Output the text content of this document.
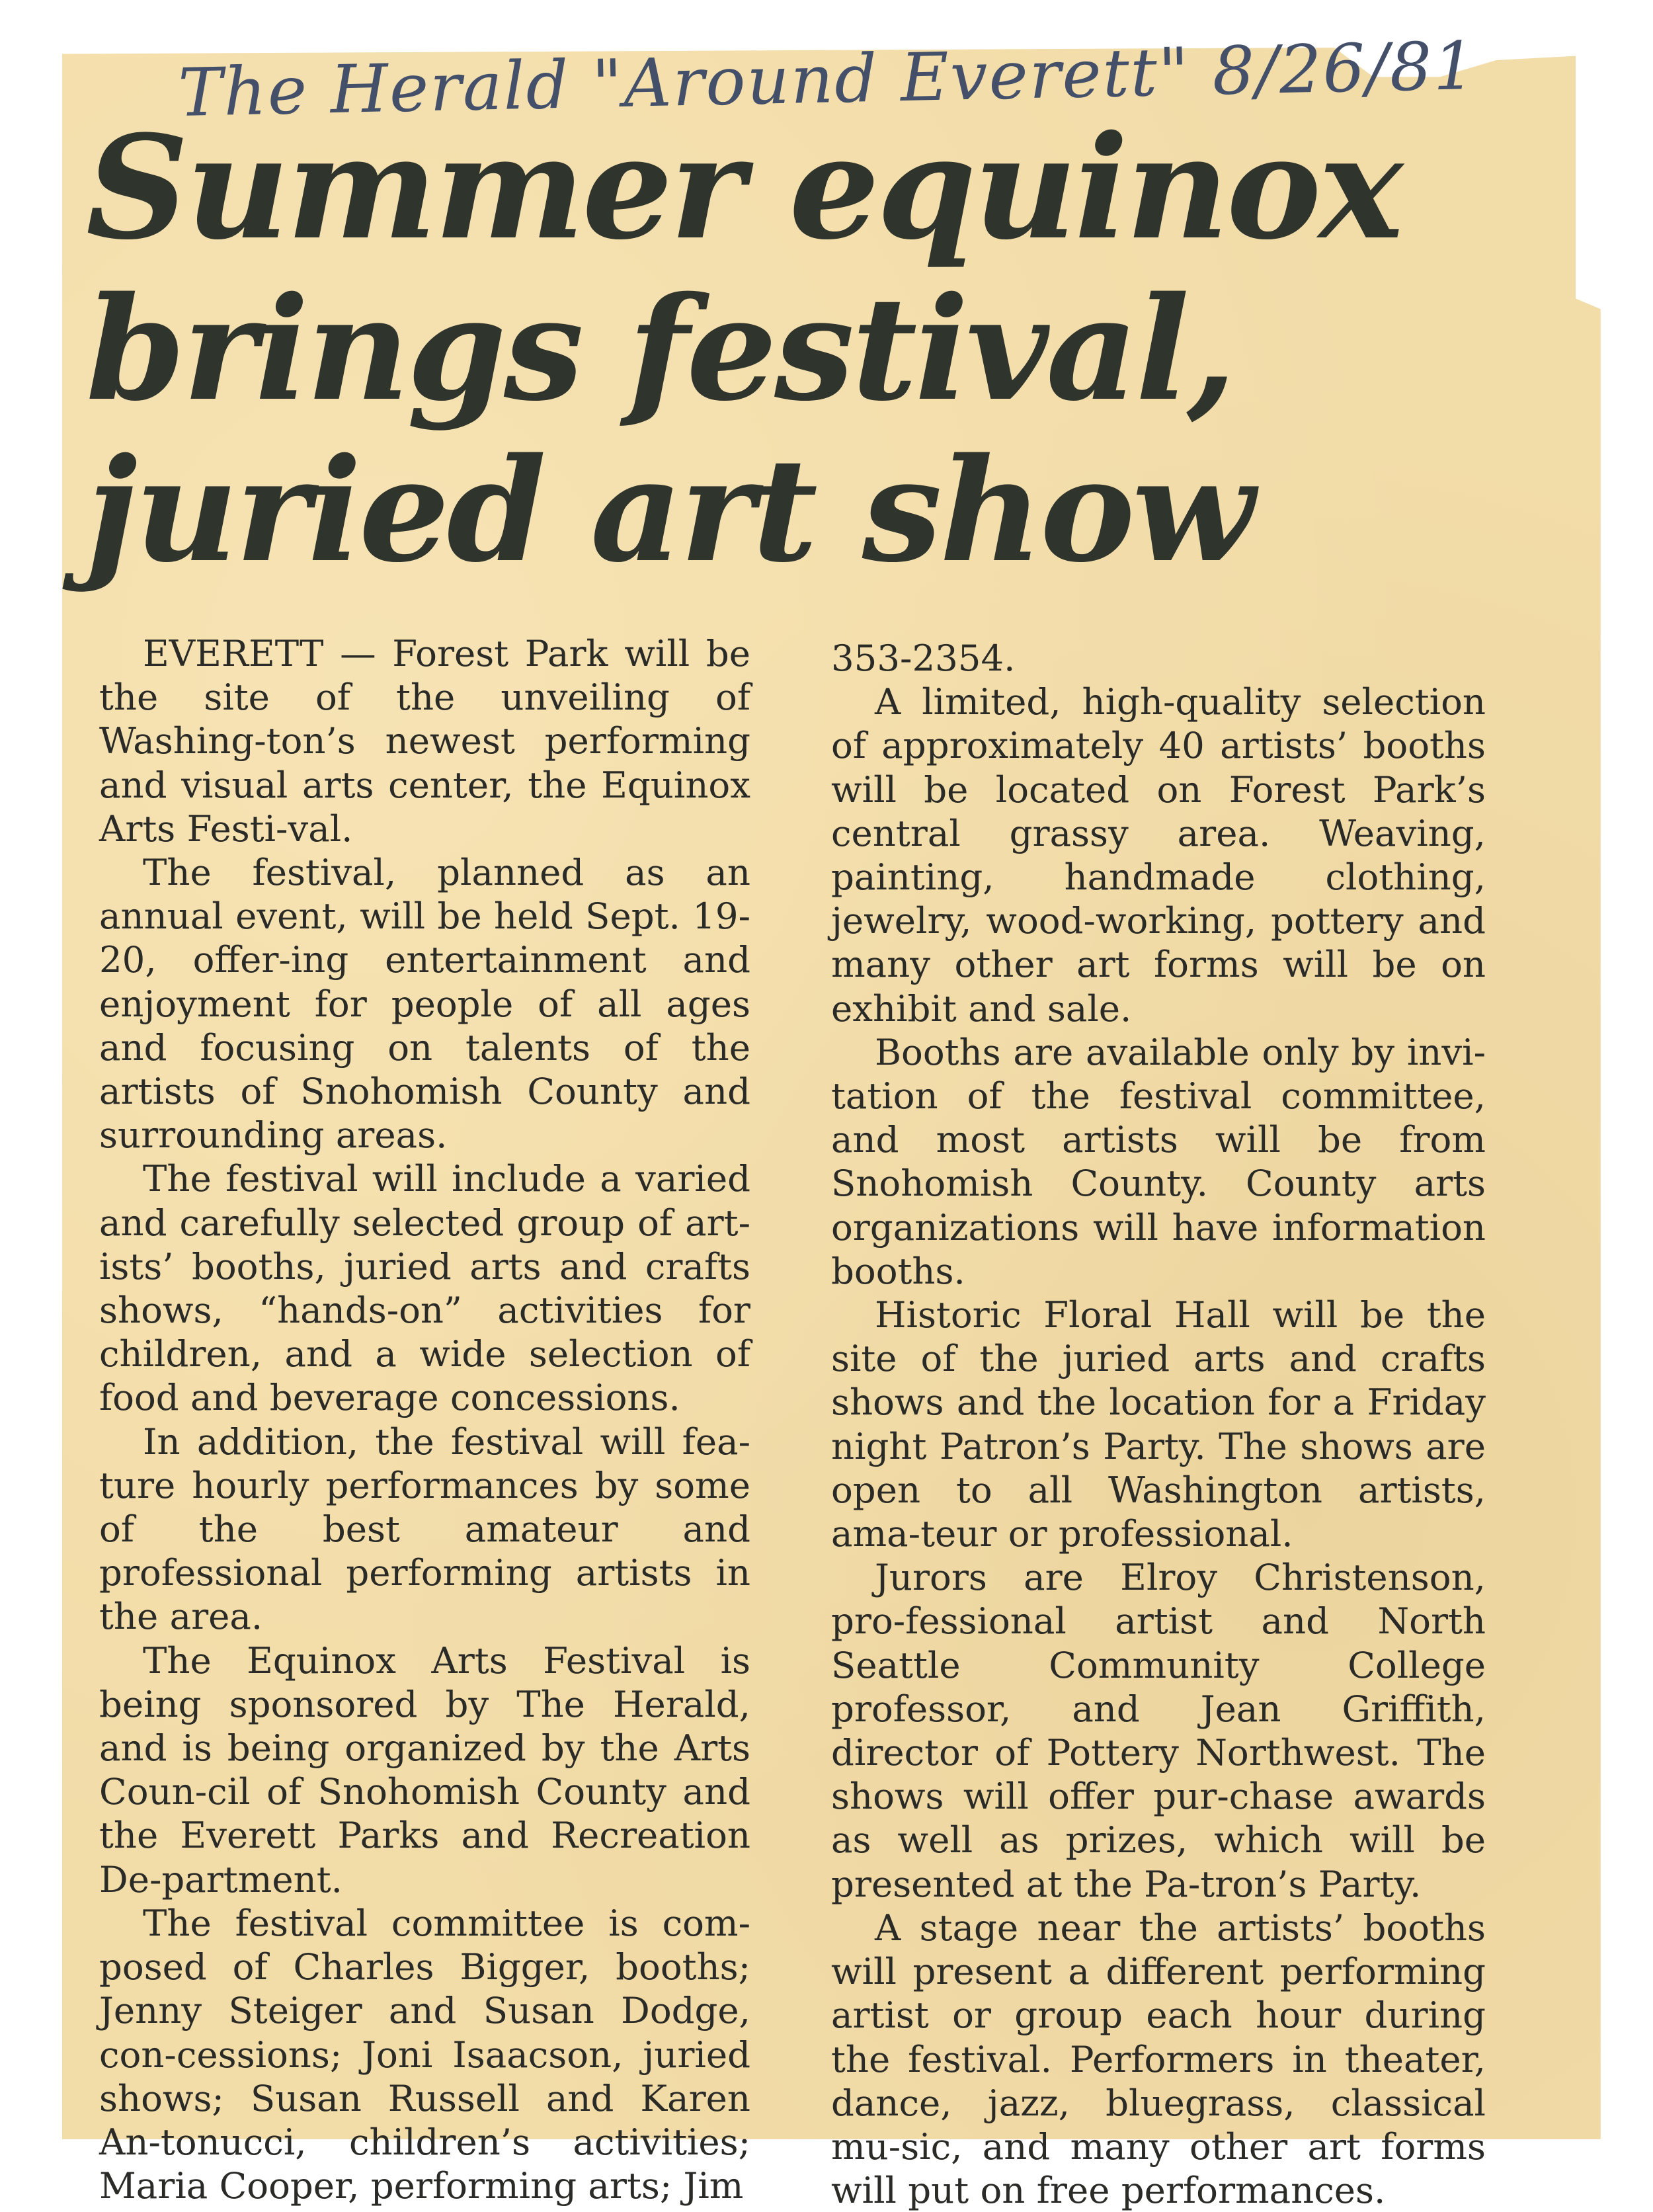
The Herald "Around Everett" 8/26/81
Summer equinox
brings festival,
juried art show

EVERETT — Forest Park will be the site of the unveiling of Washing-ton’s newest performing and visual arts center, the Equinox Arts Festi-val.

The festival, planned as an annual event, will be held Sept. 19-20, offer-ing entertainment and enjoyment for people of all ages and focusing on talents of the artists of Snohomish County and surrounding areas.

The festival will include a varied and carefully selected group of art-ists’ booths, juried arts and crafts shows, “hands-on” activities for children, and a wide selection of food and beverage concessions.

In addition, the festival will fea-ture hourly performances by some of the best amateur and professional performing artists in the area.

The Equinox Arts Festival is being sponsored by The Herald, and is being organized by the Arts Coun-cil of Snohomish County and the Everett Parks and Recreation De-partment.

The festival committee is com-posed of Charles Bigger, booths; Jenny Steiger and Susan Dodge, con-cessions; Joni Isaacson, juried shows; Susan Russell and Karen An-tonucci, children’s activities; Maria Cooper, performing arts; Jim

353-2354.

A limited, high-quality selection of approximately 40 artists’ booths will be located on Forest Park’s central grassy area. Weaving, painting, handmade clothing, jewelry, wood-working, pottery and many other art forms will be on exhibit and sale.

Booths are available only by invi-tation of the festival committee, and most artists will be from Snohomish County. County arts organizations will have information booths.

Historic Floral Hall will be the site of the juried arts and crafts shows and the location for a Friday night Patron’s Party. The shows are open to all Washington artists, ama-teur or professional.

Jurors are Elroy Christenson, pro-fessional artist and North Seattle Community College professor, and Jean Griffith, director of Pottery Northwest. The shows will offer pur-chase awards as well as prizes, which will be presented at the Pa-tron’s Party.

A stage near the artists’ booths will present a different performing artist or group each hour during the festival. Performers in theater, dance, jazz, bluegrass, classical mu-sic, and many other art forms will put on free performances.
